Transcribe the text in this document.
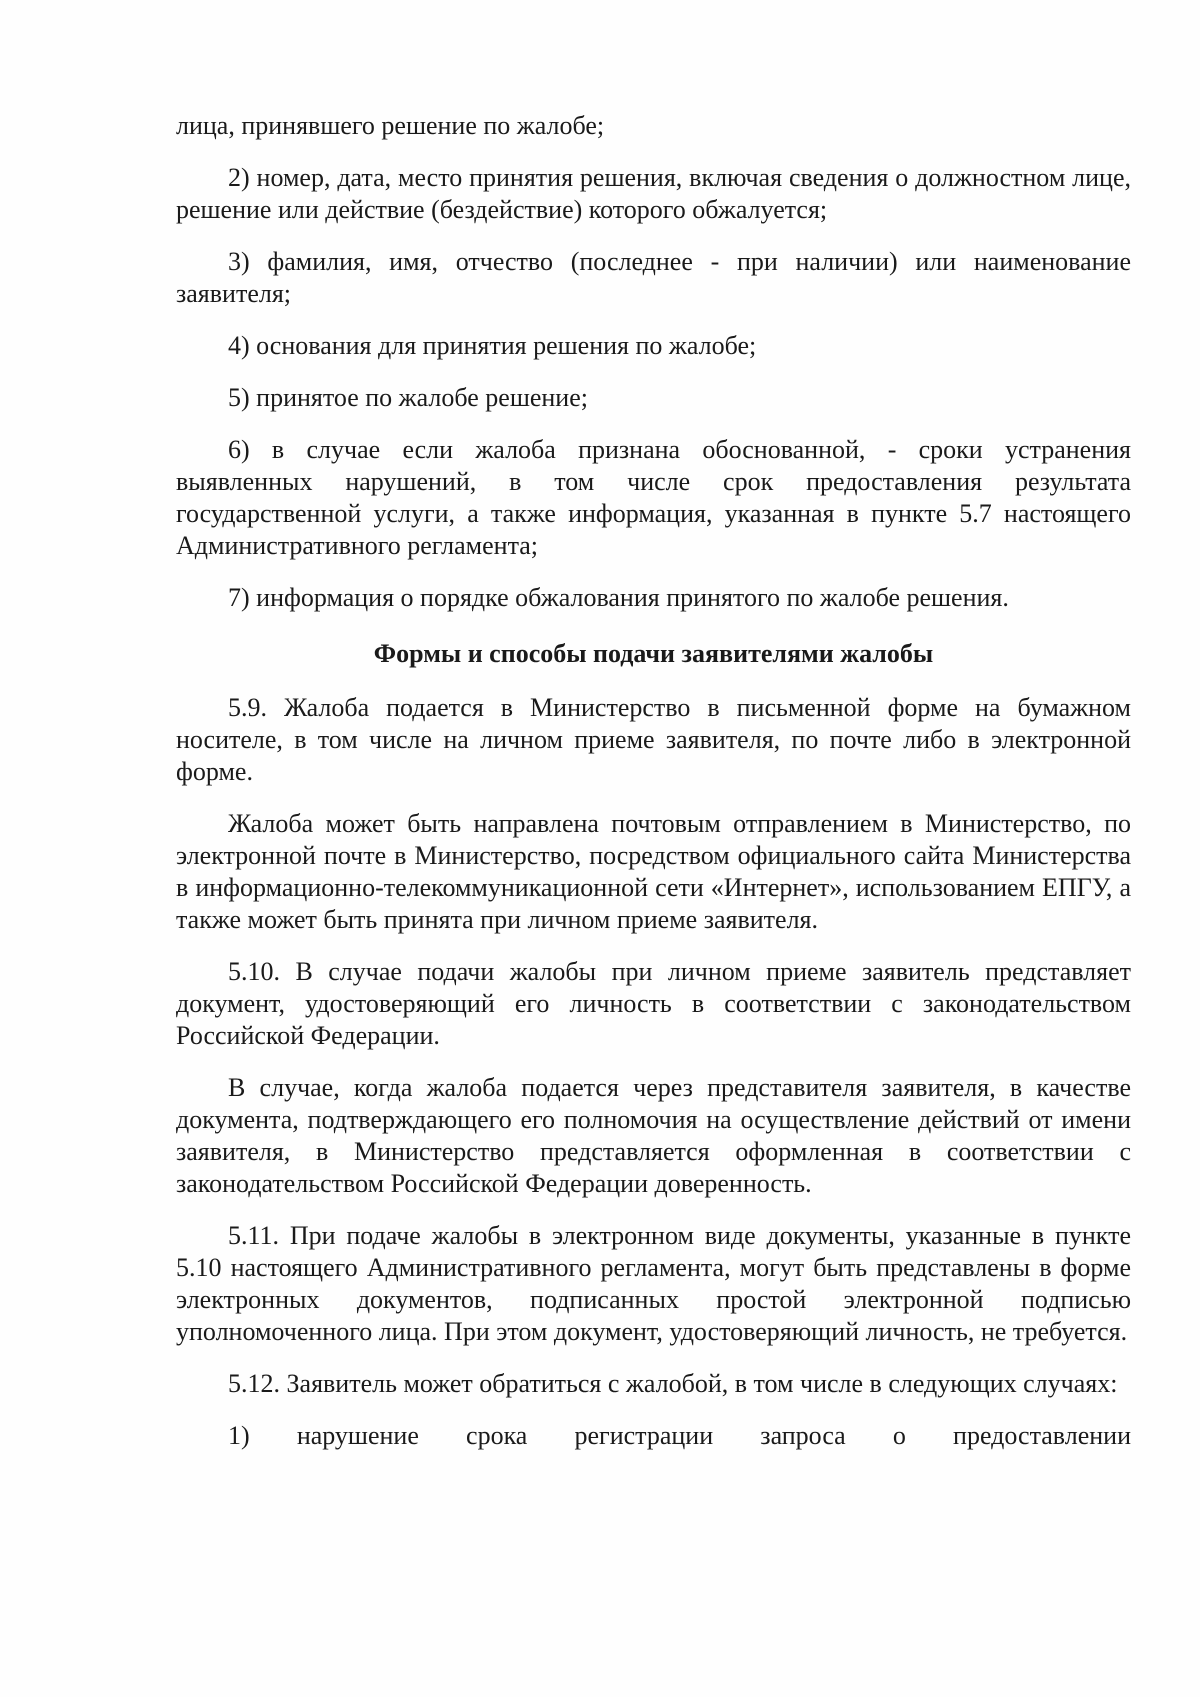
лица, принявшего решение по жалобе;

2) номер, дата, место принятия решения, включая сведения о должностном лице, решение или действие (бездействие) которого обжалуется;

3) фамилия, имя, отчество (последнее - при наличии) или наименование заявителя;

4) основания для принятия решения по жалобе;

5) принятое по жалобе решение;

6) в случае если жалоба признана обоснованной, - сроки устранения выявленных нарушений, в том числе срок предоставления результата государственной услуги, а также информация, указанная в пункте 5.7 настоящего Административного регламента;

7) информация о порядке обжалования принятого по жалобе решения.

Формы и способы подачи заявителями жалобы

5.9. Жалоба подается в Министерство в письменной форме на бумажном носителе, в том числе на личном приеме заявителя, по почте либо в электронной форме.

Жалоба может быть направлена почтовым отправлением в Министерство, по электронной почте в Министерство, посредством официального сайта Министерства в информационно-телекоммуникационной сети «Интернет», использованием ЕПГУ, а также может быть принята при личном приеме заявителя.

5.10. В случае подачи жалобы при личном приеме заявитель представляет документ, удостоверяющий его личность в соответствии с законодательством Российской Федерации.

В случае, когда жалоба подается через представителя заявителя, в качестве документа, подтверждающего его полномочия на осуществление действий от имени заявителя, в Министерство представляется оформленная в соответствии с законодательством Российской Федерации доверенность.

5.11. При подаче жалобы в электронном виде документы, указанные в пункте 5.10 настоящего Административного регламента, могут быть представлены в форме электронных документов, подписанных простой электронной подписью уполномоченного лица. При этом документ, удостоверяющий личность, не требуется.

5.12. Заявитель может обратиться с жалобой, в том числе в следующих случаях:

1) нарушение срока регистрации запроса о предоставлении
